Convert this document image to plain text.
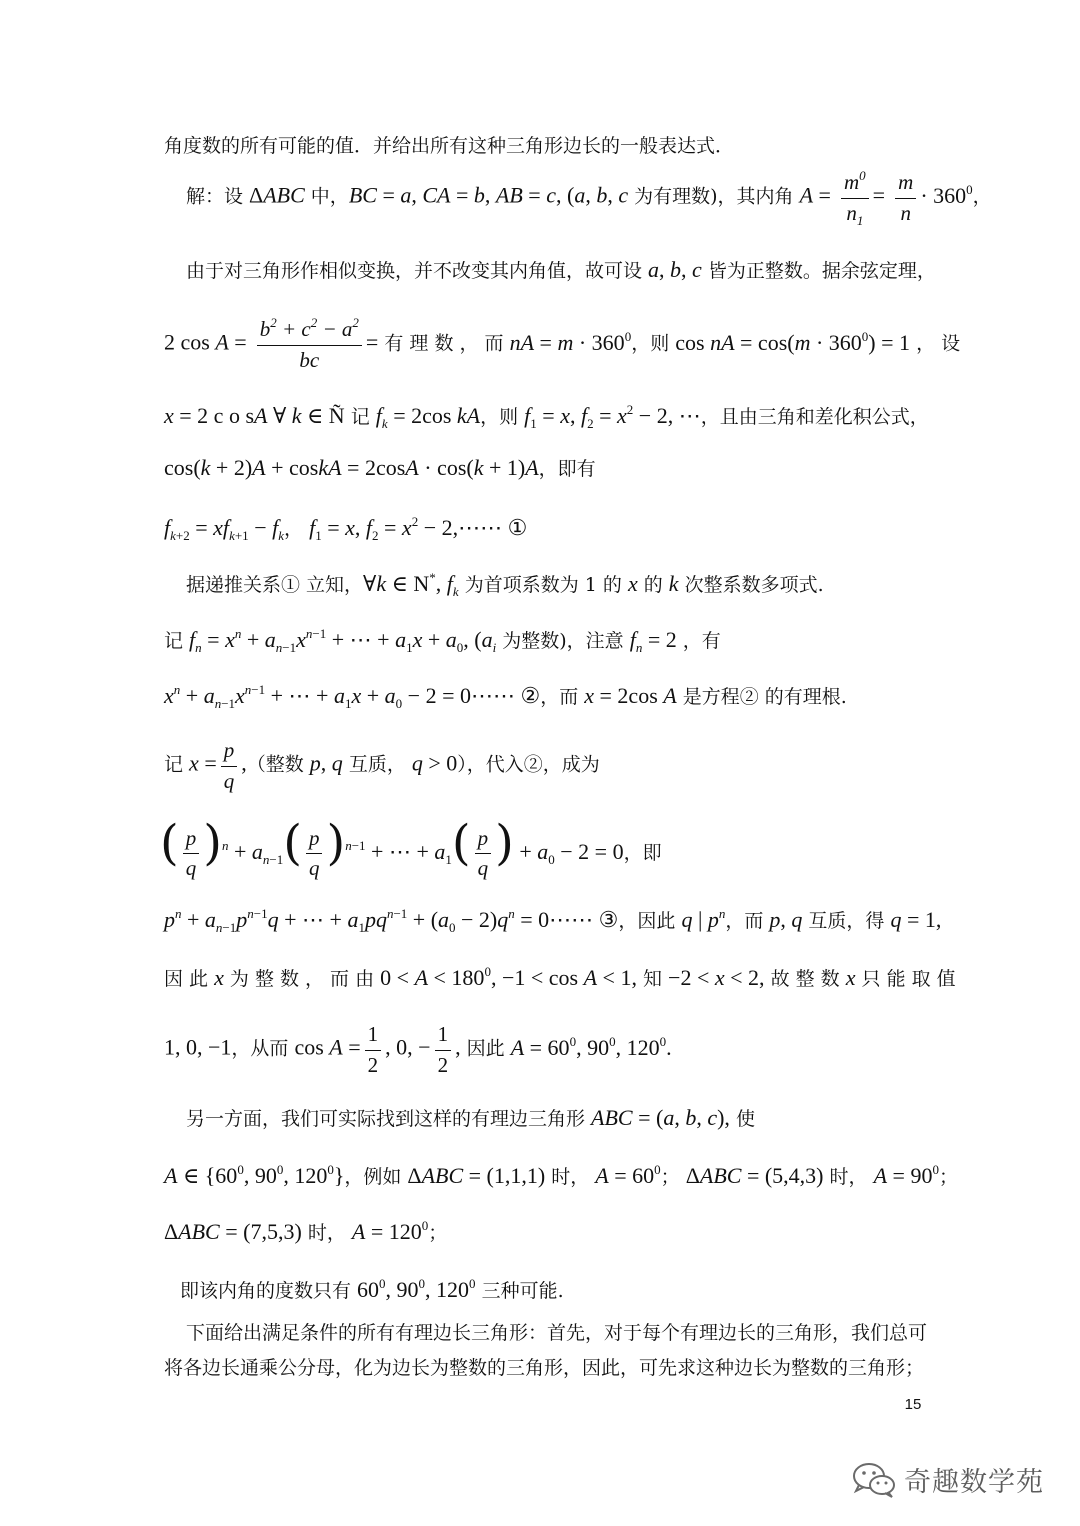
角度数的所有可能的值．并给出所有这种三角形边长的一般表达式．
解：设 ΔABC 中，BC = a, CA = b, AB = c, (a, b, c 为有理数)，其内角 $A = \frac{m^0}{n_1} = \frac{m}{n} \cdot 360^0$，
由于对三角形作相似变换，并不改变其内角值，故可设 a, b, c 皆为正整数。据余弦定理，
2 $\cos A = \frac{b^2 + c^2 - a^2}{bc}$ = 有 理 数 ， 而 nA = $m \cdot 360^0$，则 cos nA = $\cos(m \cdot 360^0) = 1$ ， 设
x = 2 c o sA ∀ k ∈ Ñ 记 $f_k = 2\cos$ kA，则 $f_1 = x$, $f_2 = x^2 - 2$, ⋯，且由三角和差化积公式，
cos(k + 2)A + coskA = 2cosA · cos(k + 1)A，即有
$f_{k+2} = xf_{k+1} - f_k$， $f_1 = x$, $f_2 = x^2$ − 2,⋯⋯ ①
据递推关系① 立知，∀k ∈ N*, $f_k$ 为首项系数为 1 的 x 的 k 次整系数多项式.
记 $f_n = x^n + a_{n-1}x^{n-1}$ + ⋯ + $a_1x + a_0$, ($a_i$ 为整数)，注意 $f_n = 2$ ，有
$x^n + a_{n-1}x^{n-1}$ + ⋯ + $a_1x + a_0 - 2$ = 0⋯⋯ ②，而 x = 2cos A 是方程② 的有理根.
记 $x = \frac{p}{q}$ ,（整数 p, q 互质， q > 0），代入②，成为
( $\frac{p}{q} )^n + a_{n-1}( \frac{p}{q} )^{n-1}$ + ⋯ + $a_1( \frac{p}{q}$ ) + $a_0 - 2 = 0$，即
$p^n + a_{n-1}p^{n-1}q$ + ⋯ + $a_1pq^{n-1} + (a_0 - 2)q^n$ = 0⋯⋯ ③，因此 q | $p^n$，而 p, q 互质，得 q = 1,
因 此 x 为 整 数 ， 而 由 $0 < A < 180^0$, −1 < cos A < 1, 知 −2 < x < 2, 故 整 数 x 只 能 取 值
1, 0, −1，从而 $\cos A = \frac{1}{2}$ , 0, − $\frac{1}{2}$ , 因此 $A = 60^0$, $90^0$, $120^0$.
另一方面，我们可实际找到这样的有理边三角形 ABC = (a, b, c), 使
A ∈ {$60^0$, $90^0$, $120^0$}，例如 ΔABC = (1,1,1) 时， $A = 60^0$； ΔABC = (5,4,3) 时， $A = 90^0$；
ΔABC = (7,5,3) 时， $A = 120^0$；
即该内角的度数只有 $60^0$, $90^0$, $120^0$ 三种可能.
下面给出满足条件的所有有理边长三角形：首先，对于每个有理边长的三角形，我们总可
将各边长通乘公分母，化为边长为整数的三角形，因此，可先求这种边长为整数的三角形；
15
奇趣数学苑
